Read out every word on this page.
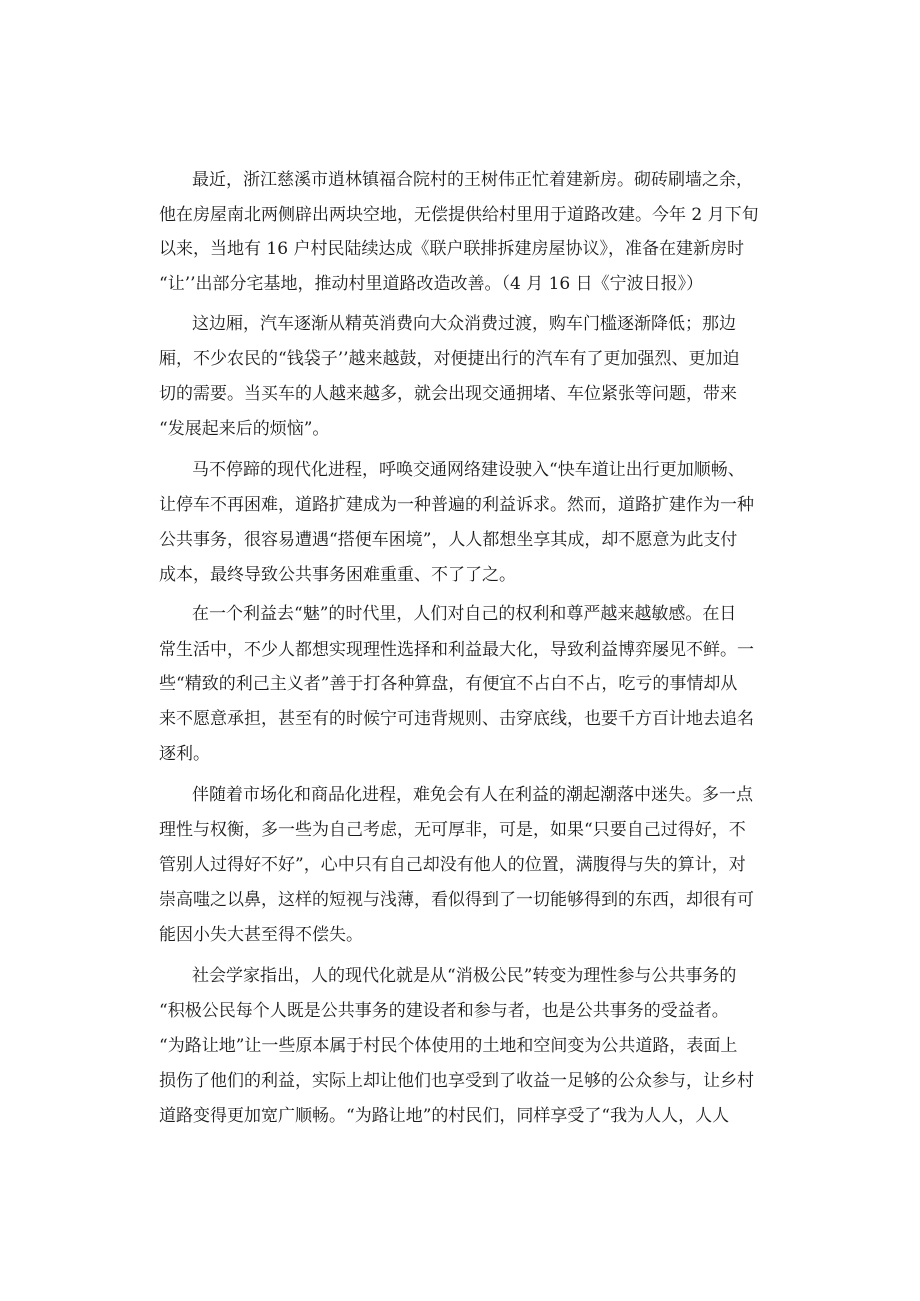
最近，浙江慈溪市逍林镇福合院村的王树伟正忙着建新房。砌砖刷墙之余，
他在房屋南北两侧辟出两块空地，无偿提供给村里用于道路改建。今年 2 月下旬
以来，当地有 16 户村民陆续达成《联户联排拆建房屋协议》，准备在建新房时
“让’’出部分宅基地，推动村里道路改造改善。（4 月 16 日《宁波日报》）
这边厢，汽车逐渐从精英消费向大众消费过渡，购车门槛逐渐降低；那边
厢，不少农民的“钱袋子’’越来越鼓，对便捷出行的汽车有了更加强烈、更加迫
切的需要。当买车的人越来越多，就会出现交通拥堵、车位紧张等问题，带来
“发展起来后的烦恼”。
马不停蹄的现代化进程，呼唤交通网络建设驶入“快车道让出行更加顺畅、
让停车不再困难，道路扩建成为一种普遍的利益诉求。然而，道路扩建作为一种
公共事务，很容易遭遇“搭便车困境”，人人都想坐享其成，却不愿意为此支付
成本，最终导致公共事务困难重重、不了了之。
在一个利益去“魅”的时代里，人们对自己的权利和尊严越来越敏感。在日
常生活中，不少人都想实现理性选择和利益最大化，导致利益博弈屡见不鲜。一
些“精致的利己主义者”善于打各种算盘，有便宜不占白不占，吃亏的事情却从
来不愿意承担，甚至有的时候宁可违背规则、击穿底线，也要千方百计地去追名
逐利。
伴随着市场化和商品化进程，难免会有人在利益的潮起潮落中迷失。多一点
理性与权衡，多一些为自己考虑，无可厚非，可是，如果“只要自己过得好，不
管别人过得好不好”，心中只有自己却没有他人的位置，满腹得与失的算计，对
崇高嗤之以鼻，这样的短视与浅薄，看似得到了一切能够得到的东西，却很有可
能因小失大甚至得不偿失。
社会学家指出，人的现代化就是从“消极公民”转变为理性参与公共事务的
“积极公民每个人既是公共事务的建设者和参与者，也是公共事务的受益者。
“为路让地”让一些原本属于村民个体使用的土地和空间变为公共道路，表面上
损伤了他们的利益，实际上却让他们也享受到了收益一足够的公众参与，让乡村
道路变得更加宽广顺畅。“为路让地”的村民们，同样享受了“我为人人，人人
